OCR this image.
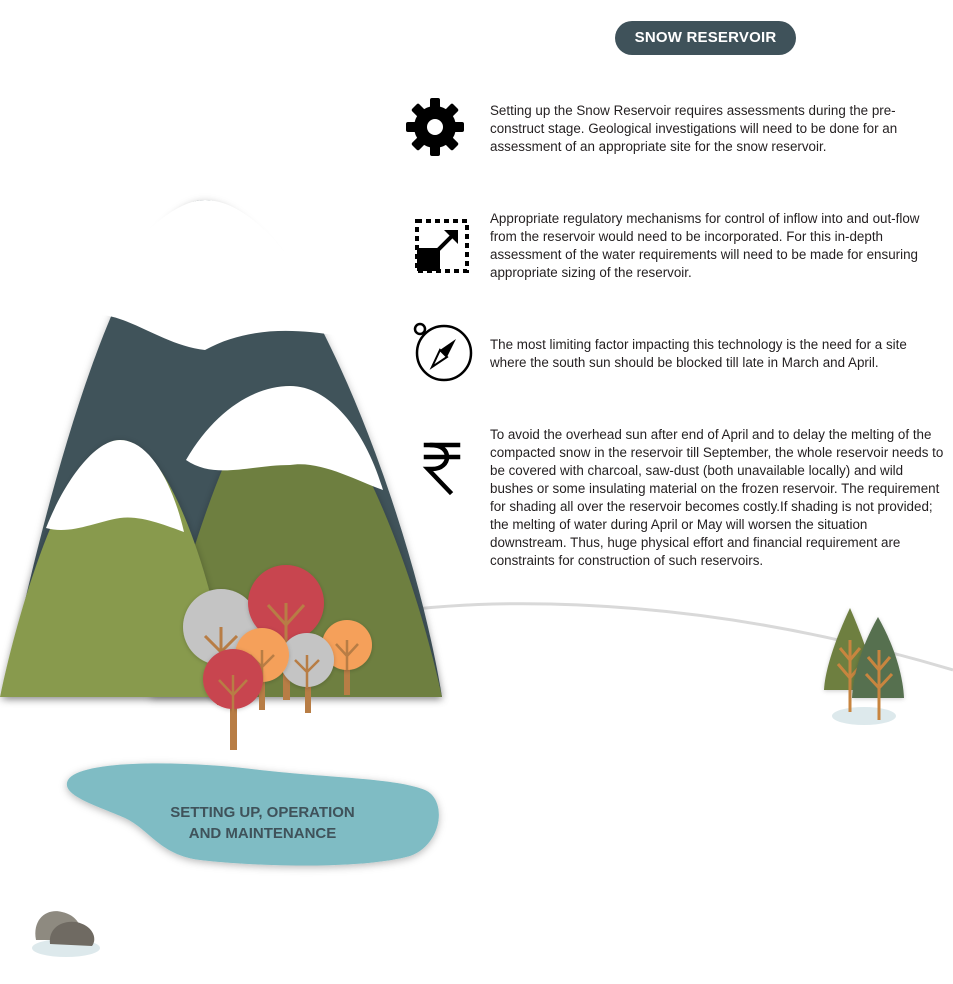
SNOW RESERVOIR
Setting up the Snow Reservoir requires assessments during the pre-construct stage. Geological investigations will need to be done for an assessment of an appropriate site for the snow reservoir.
Appropriate regulatory mechanisms for control of inflow into and out-flow from the reservoir would need to be incorporated. For this in-depth assessment of the water requirements will need to be made for ensuring appropriate sizing of the reservoir.
The most limiting factor impacting this technology is the need for a site where the south sun should be blocked till late in March and April.
To avoid the overhead sun after end of April and to delay the melting of the compacted snow in the reservoir till September, the whole reservoir needs to be covered with charcoal, saw-dust (both unavailable locally) and wild bushes or some insulating material on the frozen reservoir. The requirement for shading all over the reservoir becomes costly.If shading is not provided; the melting of water during April or May will worsen the situation downstream. Thus, huge physical effort and financial requirement are constraints for construction of such reservoirs.
SETTING UP, OPERATION
AND MAINTENANCE
